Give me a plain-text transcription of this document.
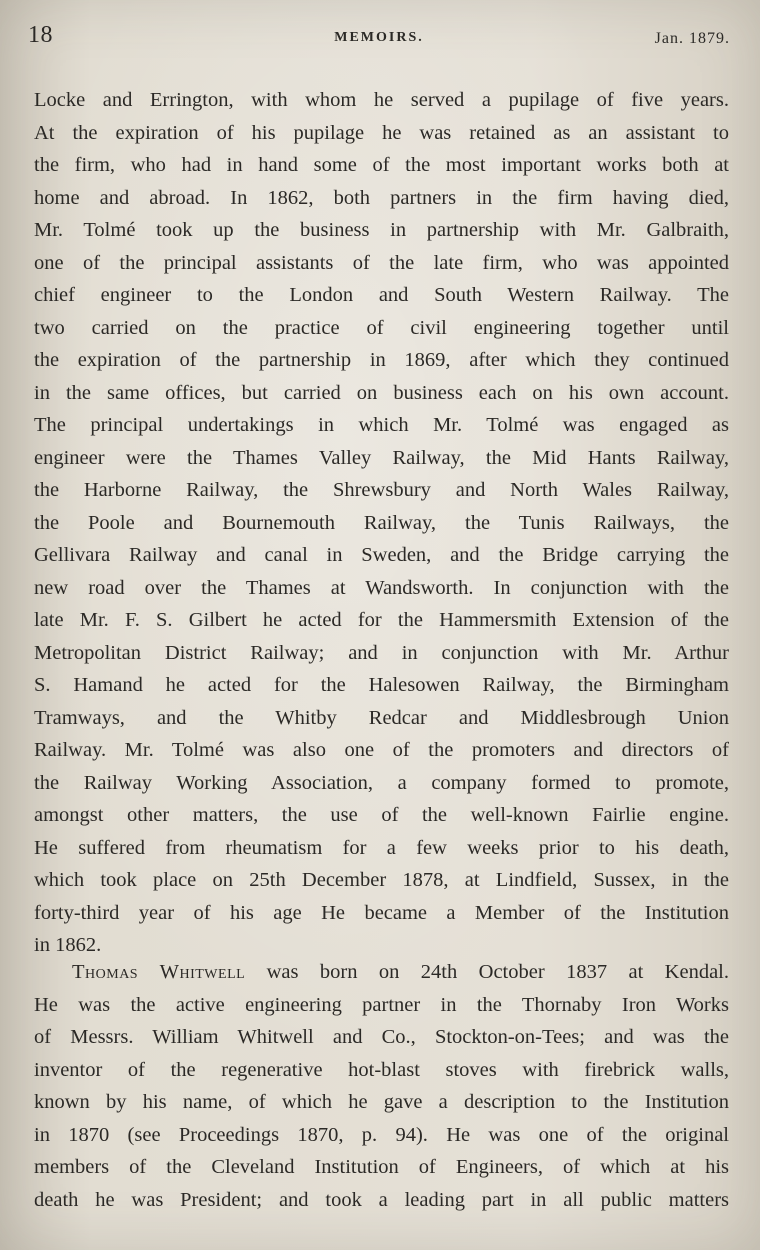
18	MEMOIRS.	Jan. 1879.
Locke and Errington, with whom he served a pupilage of five years.
At the expiration of his pupilage he was retained as an assistant to
the firm, who had in hand some of the most important works both at
home and abroad. In 1862, both partners in the firm having died,
Mr. Tolmé took up the business in partnership with Mr. Galbraith,
one of the principal assistants of the late firm, who was appointed
chief engineer to the London and South Western Railway. The
two carried on the practice of civil engineering together until
the expiration of the partnership in 1869, after which they continued
in the same offices, but carried on business each on his own account.
The principal undertakings in which Mr. Tolmé was engaged as
engineer were the Thames Valley Railway, the Mid Hants Railway,
the Harborne Railway, the Shrewsbury and North Wales Railway,
the Poole and Bournemouth Railway, the Tunis Railways, the
Gellivara Railway and canal in Sweden, and the Bridge carrying the
new road over the Thames at Wandsworth. In conjunction with the
late Mr. F. S. Gilbert he acted for the Hammersmith Extension of the
Metropolitan District Railway; and in conjunction with Mr. Arthur
S. Hamand he acted for the Halesowen Railway, the Birmingham
Tramways, and the Whitby Redcar and Middlesbrough Union
Railway. Mr. Tolmé was also one of the promoters and directors of
the Railway Working Association, a company formed to promote,
amongst other matters, the use of the well-known Fairlie engine.
He suffered from rheumatism for a few weeks prior to his death,
which took place on 25th December 1878, at Lindfield, Sussex, in the
forty-third year of his age He became a Member of the Institution
in 1862.
Thomas Whitwell was born on 24th October 1837 at Kendal.
He was the active engineering partner in the Thornaby Iron Works
of Messrs. William Whitwell and Co., Stockton-on-Tees; and was the
inventor of the regenerative hot-blast stoves with firebrick walls,
known by his name, of which he gave a description to the Institution
in 1870 (see Proceedings 1870, p. 94). He was one of the original
members of the Cleveland Institution of Engineers, of which at his
death he was President; and took a leading part in all public matters
